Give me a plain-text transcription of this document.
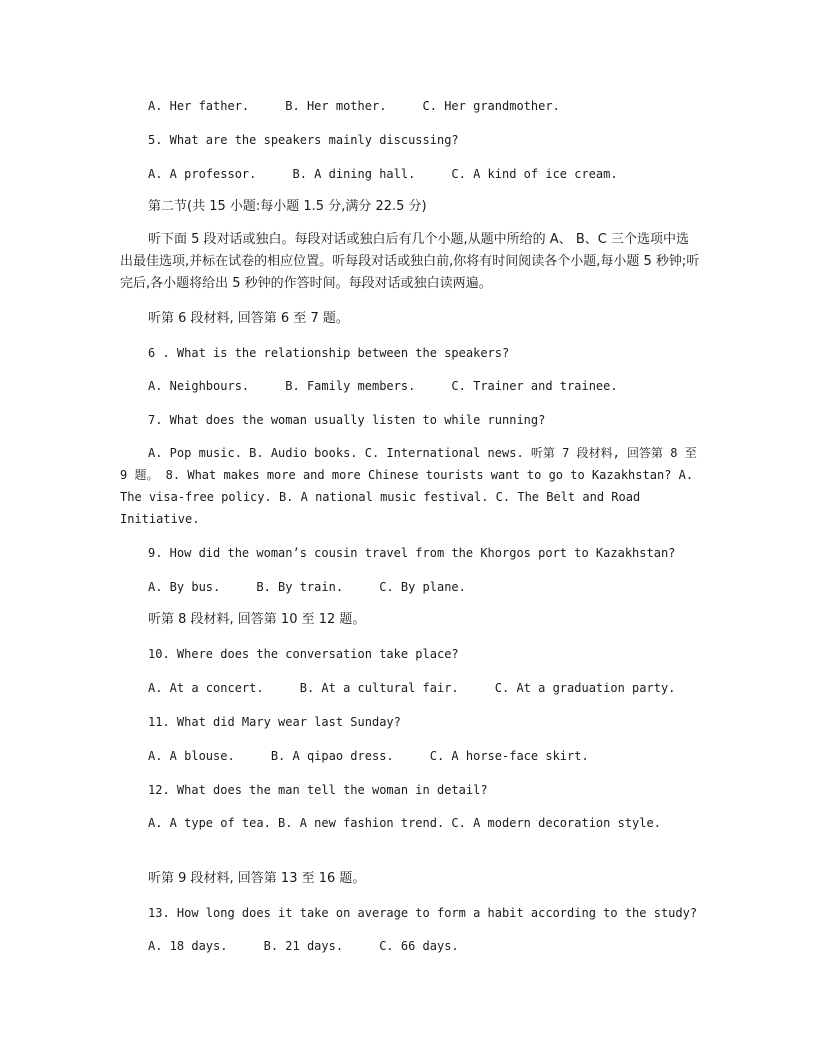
A. Her father.     B. Her mother.     C. Her grandmother.
5. What are the speakers mainly discussing?
A. A professor.     B. A dining hall.     C. A kind of ice cream.
第二节(共 15 小题:每小题 1.5 分,满分 22.5 分)
听下面 5 段对话或独白。每段对话或独白后有几个小题,从题中所给的 A、 B、C 三个选项中选出最佳选项,并标在试卷的相应位置。听每段对话或独白前,你将有时间阅读各个小题,每小题 5 秒钟;听完后,各小题将给出 5 秒钟的作答时间。每段对话或独白读两遍。
听第 6 段材料, 回答第 6 至 7 题。
6 . What is the relationship between the speakers?
A. Neighbours.     B. Family members.     C. Trainer and trainee.
7. What does the woman usually listen to while running?
A. Pop music. B. Audio books. C. International news. 听第 7 段材料, 回答第 8 至 9 题。 8. What makes more and more Chinese tourists want to go to Kazakhstan? A. The visa-free policy. B. A national music festival. C. The Belt and Road Initiative.
9. How did the woman’s cousin travel from the Khorgos port to Kazakhstan?
A. By bus.     B. By train.     C. By plane.
听第 8 段材料, 回答第 10 至 12 题。
10. Where does the conversation take place?
A. At a concert.     B. At a cultural fair.     C. At a graduation party.
11. What did Mary wear last Sunday?
A. A blouse.     B. A qipao dress.     C. A horse-face skirt.
12. What does the man tell the woman in detail?
A. A type of tea. B. A new fashion trend. C. A modern decoration style.
听第 9 段材料, 回答第 13 至 16 题。
13. How long does it take on average to form a habit according to the study?
A. 18 days.     B. 21 days.     C. 66 days.
